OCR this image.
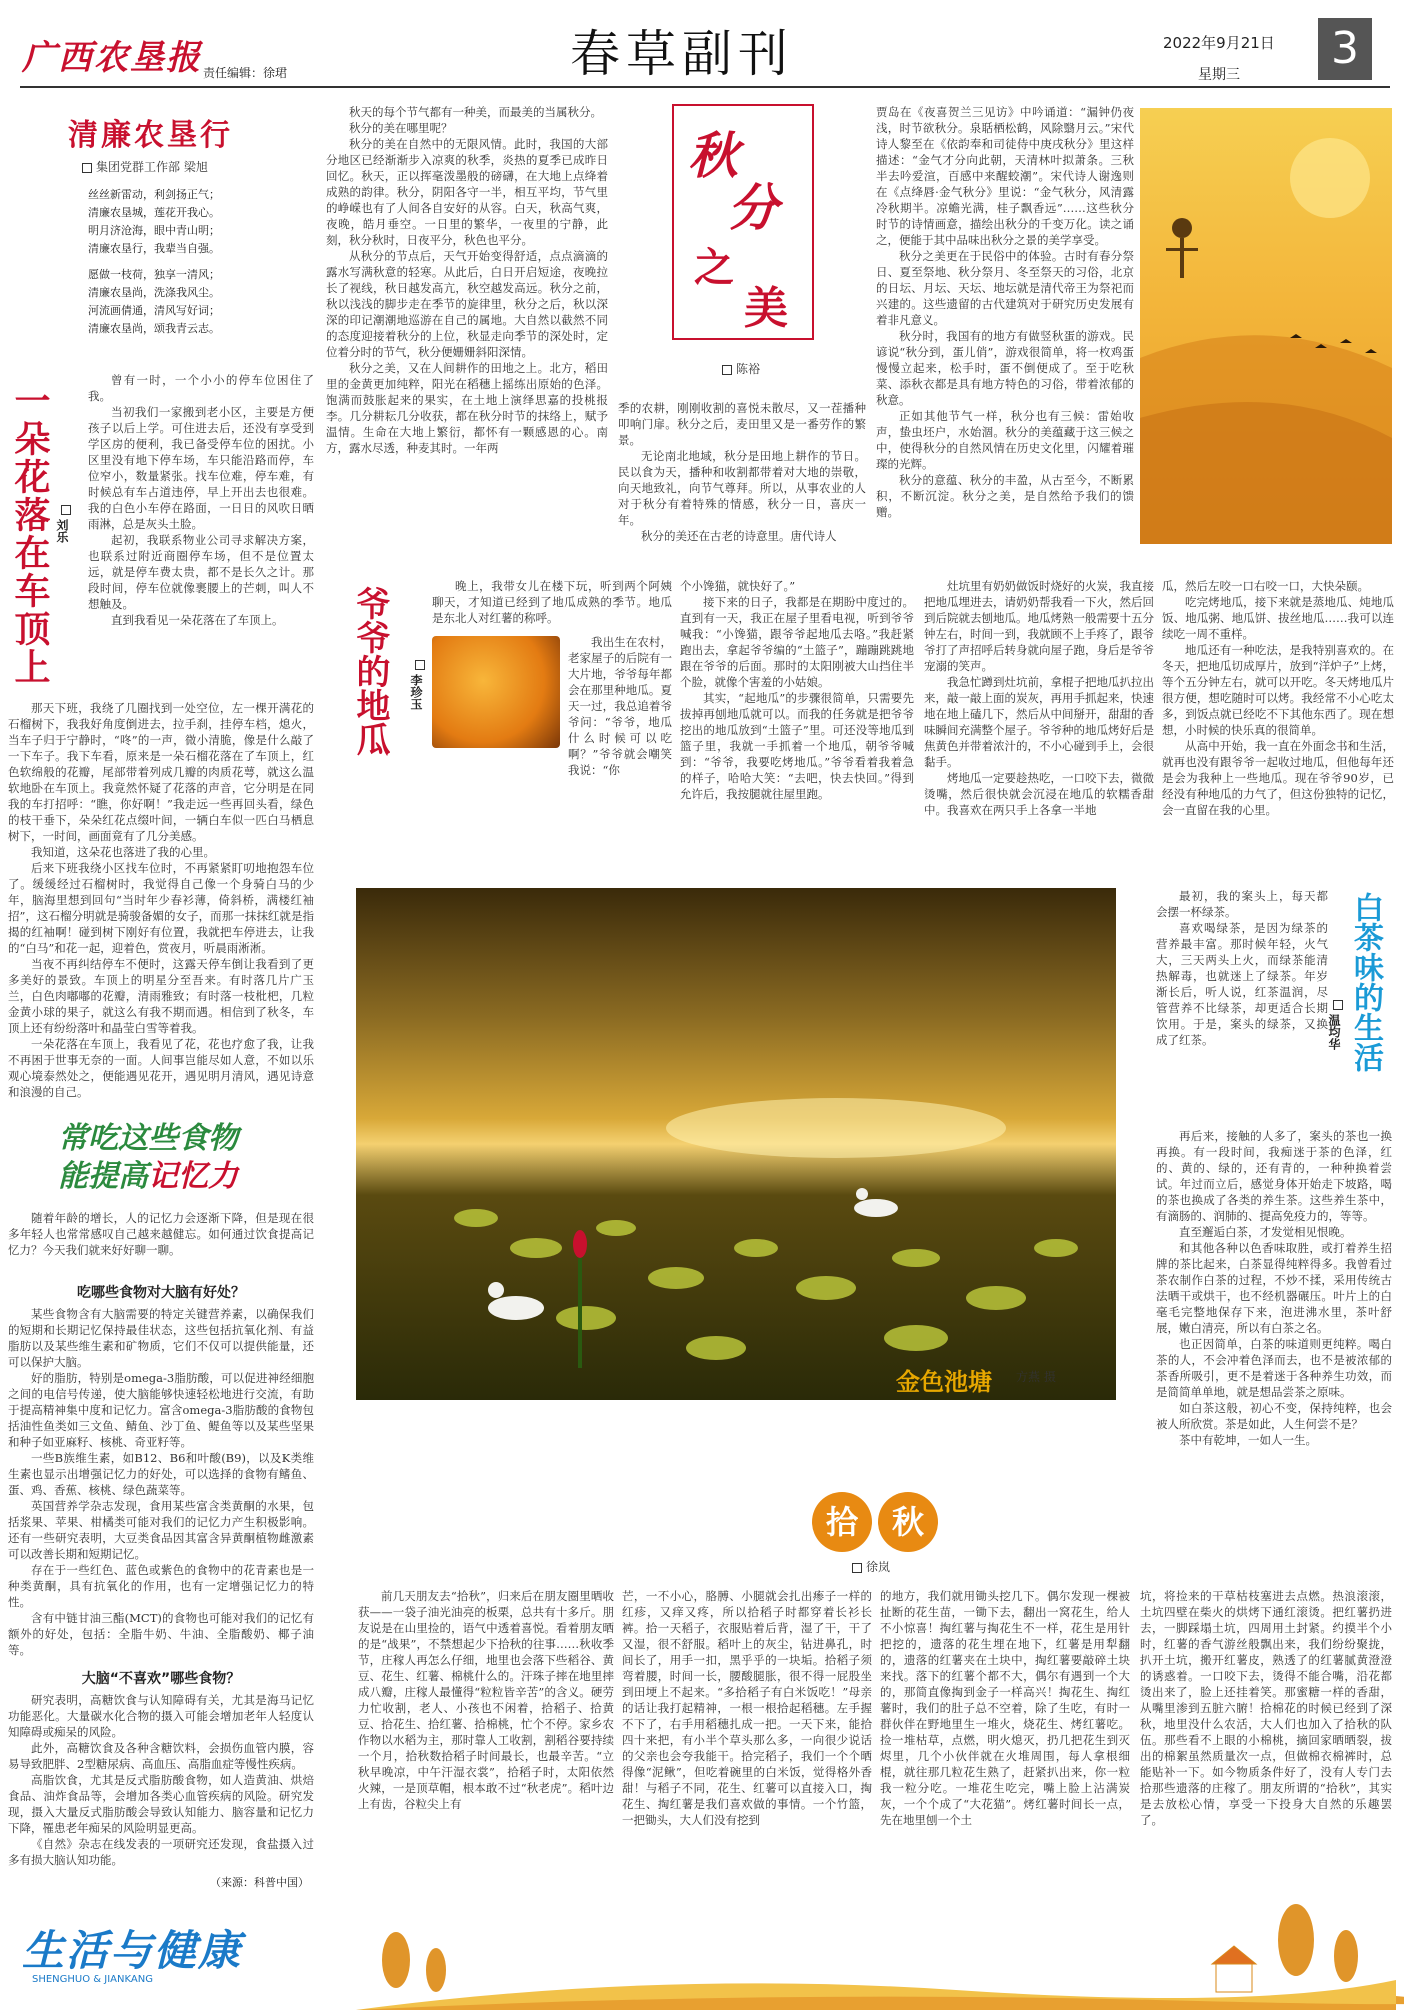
广西农垦报 责任编辑：徐珺	春草副刊	2022年9月21日
星期三
3
清廉农垦行
集团党群工作部 梁旭
丝丝新雷动，利剑扬正气；
清廉农垦城，莲花开我心。
明月济沧海，眼中青山明；
清廉农垦行，我辈当自强。
愿做一枝荷，独享一清风；
清廉农垦尚，洗涤我风尘。
河流画倩通，清风写好词；
清廉农垦尚，颂我青云志。
一朵花落在车顶上 刘乐

曾有一时，一个小小的停车位困住了我。

当初我们一家搬到老小区，主要是方便孩子以后上学。可住进去后，还没有享受到学区房的便利，我已备受停车位的困扰。小区里没有地下停车场，车只能沿路而停，车位窄小，数量紧张。找车位难，停车难，有时候总有车占道违停，早上开出去也很难。我的白色小车停在路面，一日日的风吹日晒雨淋，总是灰头土脸。

起初，我联系物业公司寻求解决方案，也联系过附近商圈停车场，但不是位置太远，就是停车费太贵，都不是长久之计。那段时间，停车位就像裹腰上的芒刺，叫人不想触及。

直到我看见一朵花落在了车顶上。

那天下班，我绕了几圈找到一处空位，左一棵开满花的石榴树下，我我好角度倒进去，拉手刹，挂停车档，熄火，当车子归于宁静时，“咚”的一声，微小清脆，像是什么敲了一下车子。我下车看，原来是一朵石榴花落在了车顶上，红色软绵般的花瓣，尾部带着列成几瓣的肉质花萼，就这么温软地卧在车顶上。我竟然怀疑了花落的声音，它分明是在同我的车打招呼：“瞧，你好啊！”我走远一些再回头看，绿色的枝干垂下，朵朵红花点缀叶间，一辆白车似一匹白马栖息树下，一时间，画面竟有了几分美感。

我知道，这朵花也落进了我的心里。

后来下班我绕小区找车位时，不再紧紧盯叨地抱怨车位了。缓缓经过石榴树时，我觉得自己像一个身骑白马的少年，脑海里想到回句“当时年少春衫薄，倚斜桥，满楼红袖招”，这石榴分明就是骑骏备媚的女子，而那一抹抹红就是指揭的红袖啊！碰到树下刚好有位置，我就把车停进去，让我的“白马”和花一起，迎着色，赏夜月，听晨雨淅淅。

当夜不再纠结停车不便时，这露天停车倒让我看到了更多美好的景致。车顶上的明星分至吾来。有时落几片广玉兰，白色肉嘟嘟的花瓣，清雨雅致；有时落一枝枇杷，几粒金黄小球的果子，就这么有我不期而遇。相信到了秋冬，车顶上还有纷纷落叶和晶莹白雪等着我。

一朵花落在车顶上，我看见了花，花也疗愈了我，让我不再困于世事无奈的一面。人间事岂能尽如人意，不如以乐观心境泰然处之，便能遇见花开，遇见明月清风，遇见诗意和浪漫的自己。

秋天的每个节气都有一种美，而最美的当属秋分。

秋分的美在哪里呢？

秋分的美在自然中的无限风情。此时，我国的大部分地区已经渐渐步入凉爽的秋季，炎热的夏季已成昨日回忆。秋天，正以挥毫泼墨般的磅礴，在大地上点绛着成熟的韵律。秋分，阴阳各守一半，相互平均，节气里的峥嵘也有了人间各自安好的从容。白天，秋高气爽，夜晚，皓月垂空。一日里的繁华，一夜里的宁静，此刻，秋分秋时，日夜平分，秋色也平分。

从秋分的节点后，天气开始变得舒适，点点滴滴的露水写满秋意的轻寒。从此后，白日开启短途，夜晚拉长了视线，秋日越发高亢，秋空越发高远。秋分之前，秋以浅浅的脚步走在季节的旋律里，秋分之后，秋以深深的印记潮潮地巡游在自己的属地。大自然以截然不同的态度迎接着秋分的上位，秋显走向季节的深处时，定位着分时的节气，秋分便姗姗斜阳深情。

秋分之美，又在人间耕作的田地之上。北方，稻田里的金黄更加纯粹，阳光在稻穗上摇练出原始的色泽。饱满而鼓胀起来的果实，在土地上演绎思嘉的投桃报李。几分耕耘几分收获，都在秋分时节的抹络上，赋予温情。生命在大地上繁衍，都怀有一颗感恩的心。南方，露水尽透，种麦其时。一年两

秋
分
之
美
陈裕

季的农耕，刚刚收割的喜悦未散尽，又一茬播种叩响门扉。秋分之后，麦田里又是一番劳作的繁景。

无论南北地域，秋分是田地上耕作的节日。民以食为天，播种和收割都带着对大地的崇敬，向天地致礼，向节气尊拜。所以，从事农业的人对于秋分有着特殊的情感，秋分一日，喜庆一年。

秋分的美还在古老的诗意里。唐代诗人

贾岛在《夜喜贺兰三见访》中吟诵道：“漏钟仍夜浅，时节欲秋分。泉聒栖松鹤，风除翳月云。”宋代诗人黎至在《依韵奉和司徒侍中庚戌秋分》里这样描述：“金气才分向此朝，天清林叶拟萧条。三秋半去吟爱渲，百感中来醒蛟潮”。宋代诗人谢逸则在《点绛唇·金气秋分》里说：“金气秋分，风清露冷秋期半。凉蟾光满，桂子飘香远”……这些秋分时节的诗情画意，描绘出秋分的千变万化。读之诵之，便能于其中品味出秋分之景的美学享受。

秋分之美更在于民俗中的体验。古时有春分祭日、夏至祭地、秋分祭月、冬至祭天的习俗，北京的日坛、月坛、天坛、地坛就是清代帝王为祭祀而兴建的。这些遗留的古代建筑对于研究历史发展有着非凡意义。

秋分时，我国有的地方有做竖秋蛋的游戏。民谚说“秋分到，蛋儿俏”，游戏很简单，将一枚鸡蛋慢慢立起来，松手时，蛋不倒便成了。至于吃秋菜、添秋衣都是具有地方特色的习俗，带着浓郁的秋意。

正如其他节气一样，秋分也有三候：雷始收声，蛰虫坯户，水始涸。秋分的美蕴藏于这三候之中，使得秋分的自然风情在历史文化里，闪耀着璀璨的光辉。

秋分的意蕴、秋分的丰盈，从古至今，不断累积，不断沉淀。秋分之美，是自然给予我们的馈赠。

爷爷的地瓜 李珍玉

晚上，我带女儿在楼下玩，听到两个阿姨聊天，才知道已经到了地瓜成熟的季节。地瓜是东北人对红薯的称呼。

我出生在农村，老家屋子的后院有一大片地，爷爷每年都会在那里种地瓜。夏天一过，我总追着爷爷问：“爷爷，地瓜什么时候可以吃啊？”爷爷就会嘲笑我说：“你

个小馋猫，就快好了。”

接下来的日子，我都是在期盼中度过的。直到有一天，我正在屋子里看电视，听到爷爷喊我：“小馋猫，跟爷爷起地瓜去咯。”我赶紧跑出去，拿起爷爷编的“土篮子”，蹦蹦跳跳地跟在爷爷的后面。那时的太阳刚被大山挡住半个脸，就像个害羞的小姑娘。

其实，“起地瓜”的步骤很简单，只需要先拔掉再刨地瓜就可以。而我的任务就是把爷爷挖出的地瓜放到“土篮子”里。可还没等地瓜到篮子里，我就一手抓着一个地瓜，朝爷爷喊到：“爷爷，我要吃烤地瓜。”爷爷看着我着急的样子，哈哈大笑：“去吧，快去快回。”得到允许后，我按腿就往屋里跑。

灶坑里有奶奶做饭时烧好的火炭，我直接把地瓜埋进去，请奶奶帮我看一下火，然后回到后院就去刨地瓜。地瓜烤熟一般需要十五分钟左右，时间一到，我就顾不上手疼了，跟爷爷打了声招呼后转身就向屋子跑，身后是爷爷宠溺的笑声。

我急忙蹲到灶坑前，拿棍子把地瓜扒拉出来，敲一敲上面的炭灰，再用手抓起来，快速地在地上磕几下，然后从中间掰开，甜甜的香味瞬间充满整个屋子。爷爷种的地瓜烤好后是焦黄色并带着浓汁的，不小心碰到手上，会很黏手。

烤地瓜一定要趁热吃，一口咬下去，微微烫嘴，然后很快就会沉浸在地瓜的软糯香甜中。我喜欢在两只手上各拿一半地

瓜，然后左咬一口右咬一口，大快朵颐。

吃完烤地瓜，接下来就是蒸地瓜、炖地瓜饭、地瓜粥、地瓜饼、拔丝地瓜……我可以连续吃一周不重样。

地瓜还有一种吃法，是我特别喜欢的。在冬天，把地瓜切成厚片，放到“洋炉子”上烤，等个五分钟左右，就可以开吃。冬天烤地瓜片很方便，想吃随时可以烤。我经常不小心吃太多，到饭点就已经吃不下其他东西了。现在想想，小时候的快乐真的很简单。

从高中开始，我一直在外面念书和生活，就再也没有跟爷爷一起收过地瓜，但他每年还是会为我种上一些地瓜。现在爷爷90岁，已经没有种地瓜的力气了，但这份独特的记忆，会一直留在我的心里。

金色池塘 方燕 摄

最初，我的案头上，每天都会摆一杯绿茶。

喜欢喝绿茶，是因为绿茶的营养最丰富。那时候年轻，火气大，三天两头上火，而绿茶能清热解毒，也就迷上了绿茶。年岁渐长后，听人说，红茶温润，尽管营养不比绿茶，却更适合长期饮用。于是，案头的绿茶，又换成了红茶。	白茶味的生活
温均华

再后来，接触的人多了，案头的茶也一换再换。有一段时间，我痴迷于茶的色泽，红的、黄的、绿的，还有青的，一种种换着尝试。年过而立后，感觉身体开始走下坡路，喝的茶也换成了各类的养生茶。这些养生茶中，有滴肠的、润肺的、提高免疫力的，等等。

直至邂逅白茶，才发觉相见恨晚。

和其他各种以色香味取胜，或打着养生招牌的茶比起来，白茶显得纯粹得多。我曾看过茶农制作白茶的过程，不炒不揉，采用传统古法晒干或烘干，也不经机器碾压。叶片上的白毫毛完整地保存下来，泡进沸水里，茶叶舒展，嫩白清亮，所以有白茶之名。

也正因简单，白茶的味道则更纯粹。喝白茶的人，不会冲着色泽而去，也不是被浓郁的茶香所吸引，更不是着迷于各种养生功效，而是简简单单地，就是想品尝茶之原味。

如白茶这般，初心不变，保持纯粹，也会被人所欣赏。茶是如此，人生何尝不是？

茶中有乾坤，一如人一生。

常吃这些食物
能提高记忆力

随着年龄的增长，人的记忆力会逐渐下降，但是现在很多年轻人也常常感叹自己越来越健忘。如何通过饮食提高记忆力？今天我们就来好好聊一聊。

吃哪些食物对大脑有好处？

某些食物含有大脑需要的特定关键营养素，以确保我们的短期和长期记忆保持最佳状态，这些包括抗氧化剂、有益脂肪以及某些维生素和矿物质，它们不仅可以提供能量，还可以保护大脑。

好的脂肪，特别是omega-3脂肪酸，可以促进神经细胞之间的电信号传递，使大脑能够快速轻松地进行交流，有助于提高精神集中度和记忆力。富含omega-3脂肪酸的食物包括油性鱼类如三文鱼、鲭鱼、沙丁鱼、鳀鱼等以及某些坚果和种子如亚麻籽、核桃、奇亚籽等。

一些B族维生素，如B12、B6和叶酸(B9)，以及K类维生素也显示出增强记忆力的好处，可以选择的食物有鳍鱼、蛋、鸡、香蕉、核桃、绿色蔬菜等。

英国营养学杂志发现，食用某些富含类黄酮的水果，包括浆果、苹果、柑橘类可能对我们的记忆力产生积极影响。还有一些研究表明，大豆类食品因其富含异黄酮植物雌激素可以改善长期和短期记忆。

存在于一些红色、蓝色或紫色的食物中的花青素也是一种类黄酮，具有抗氧化的作用，也有一定增强记忆力的特性。

含有中链甘油三酯(MCT)的食物也可能对我们的记忆有额外的好处，包括：全脂牛奶、牛油、全脂酸奶、椰子油等。

大脑“不喜欢”哪些食物？

研究表明，高糖饮食与认知障碍有关，尤其是海马记忆功能恶化。大量碳水化合物的摄入可能会增加老年人轻度认知障碍或痴呆的风险。

此外，高糖饮食及各种含糖饮料，会损伤血管内膜，容易导致肥胖、2型糖尿病、高血压、高脂血症等慢性疾病。

高脂饮食，尤其是反式脂肪酸食物，如人造黄油、烘焙食品、油炸食品等，会增加各类心血管疾病的风险。研究发现，摄入大量反式脂肪酸会导致认知能力、脑容量和记忆力下降，罹患老年痴呆的风险明显更高。

《自然》杂志在线发表的一项研究还发现，食盐摄入过多有损大脑认知功能。

（来源：科普中国）
拾	秋
徐岚

前几天朋友去“拾秋”，归来后在朋友圈里晒收获——一袋子油光油亮的板栗，总共有十多斤。朋友说是在山里捡的，语气中透着喜悦。看着朋友晒的是“战果”，不禁想起少下拾秋的往事……秋收季节，庄稼人再怎么仔细，地里也会落下些稻谷、黄豆、花生、红薯、棉桃什么的。汗珠子摔在地里摔成八瓣，庄稼人最懂得“粒粒皆辛苦”的含义。硬劳力忙收割，老人、小孩也不闲着，拾稻子、拾黄豆、拾花生、拾红薯、拾棉桃，忙个不停。家乡农作物以水稻为主，那时靠人工收割，割稻谷要持续一个月，拾秋数拾稻子时间最长，也最辛苦。“立秋早晚凉，中午汗湿衣裳”，拾稻子时，太阳依然火辣，一是顶草帽，根本敢不过“秋老虎”。稻叶边上有齿，谷粒尖上有

芒，一不小心，胳膊、小腿就会扎出瘆子一样的红疹，又痒又疼，所以拾稻子时都穿着长衫长裤。拾一天稻子，衣服贴着后背，湿了干，干了又湿，很不舒服。稻叶上的灰尘，钻进鼻孔，时间长了，用手一扣，黑乎乎的一块垢。拾稻子须弯着腰，时间一长，腰酸腿胀，很不得一屁股坐到田埂上不起来。“多拾稻子有白米饭吃！”母亲的话让我打起精神，一根一根拾起稻穗。左手握不下了，右手用稻穗扎成一把。一天下来，能拾四十来把，有小半个草头那么多，一向很少说话的父亲也会夸我能干。拾完稻子，我们一个个晒得像“泥鳅”，但吃着碗里的白米饭，觉得格外香甜！与稻子不同，花生、红薯可以直接入口，掏花生、掏红薯是我们喜欢做的事情。一个竹篮，一把锄头，大人们没有挖到

的地方，我们就用锄头挖几下。偶尔发现一棵被扯断的花生苗，一锄下去，翻出一窝花生，给人不小惊喜！掏红薯与掏花生不一样，花生是用针把挖的，遗落的花生埋在地下，红薯是用犁翻的，遗落的红薯夹在土块中，掏红薯要敲碎土块来找。落下的红薯个都不大，偶尔有遇到一个大的，那简直像掏到金子一样高兴！掏花生、掏红薯时，我们的肚子总不空着，除了生吃，有时一群伙伴在野地里生一堆火，烧花生、烤红薯吃。捡一堆枯草，点燃，明火熄灭，扔几把花生到灭烬里，几个小伙伴就在火堆周围，每人拿根细棍，就往那几粒花生熟了，赶紧扒出来，你一粒我一粒分吃。一堆花生吃完，嘴上脸上沾满炭灰，一个个成了“大花猫”。烤红薯时间长一点，先在地里刨一个土

坑，将捡来的干草枯枝塞进去点燃。热浪滚滚，土坑四壁在柴火的烘烤下通红滚烫。把红薯扔进去，一脚踩塌土坑，四周用土封紧。约摸半个小时，红薯的香气游丝般飘出来，我们纷纷聚拢，扒开土坑，搬开红薯皮，熟透了的红薯腻黄澄澄的诱惑着。一口咬下去，烫得不能合嘴，沿花都烫出来了，脸上还挂着笑。那蜜糖一样的香甜，从嘴里渗到五脏六腑！拾棉花的时候已经到了深秋，地里没什么农活，大人们也加入了拾秋的队伍。那些看不上眼的小棉桃，摘回家晒晒裂，拔出的棉絮虽然质量次一点，但做棉衣棉裤时，总能贴补一下。如今物质条件好了，没有人专门去拾那些遗落的庄稼了。朋友所谓的“拾秋”，其实是去放松心情，享受一下投身大自然的乐趣罢了。

生活与健康
SHENGHUO & JIANKANG
